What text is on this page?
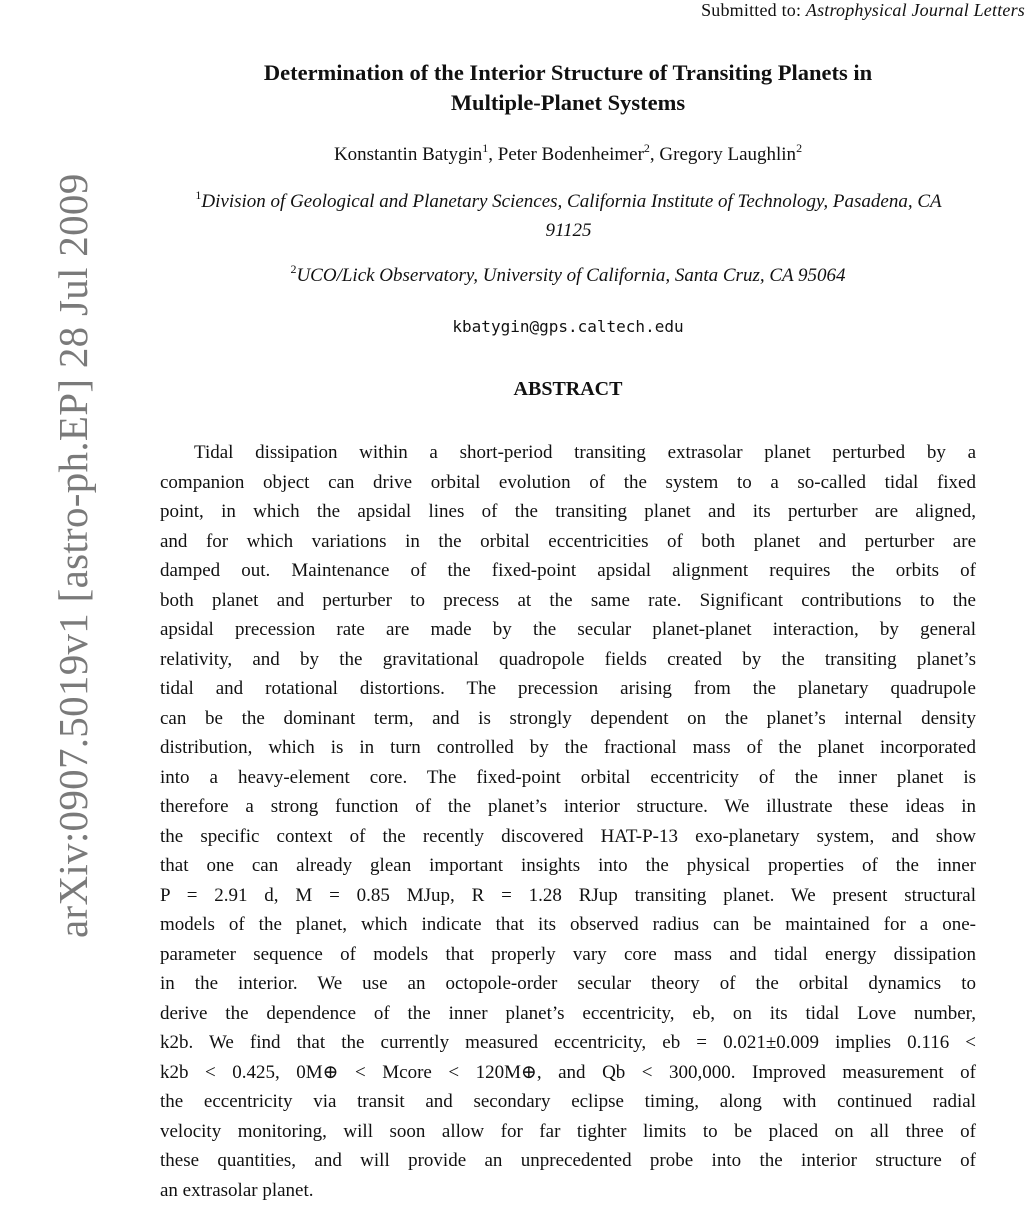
Submitted to: Astrophysical Journal Letters
arXiv:0907.5019v1 [astro-ph.EP] 28 Jul 2009
Determination of the Interior Structure of Transiting Planets in
Multiple-Planet Systems
Konstantin Batygin$^1$, Peter Bodenheimer$^2$, Gregory Laughlin$^2$
$^1$Division of Geological and Planetary Sciences, California Institute of Technology, Pasadena, CA
91125
$^2$UCO/Lick Observatory, University of California, Santa Cruz, CA 95064
kbatygin@gps.caltech.edu
ABSTRACT
Tidal dissipation within a short-period transiting extrasolar planet perturbed by a
companion object can drive orbital evolution of the system to a so-called tidal fixed
point, in which the apsidal lines of the transiting planet and its perturber are aligned,
and for which variations in the orbital eccentricities of both planet and perturber are
damped out. Maintenance of the fixed-point apsidal alignment requires the orbits of
both planet and perturber to precess at the same rate. Significant contributions to the
apsidal precession rate are made by the secular planet-planet interaction, by general
relativity, and by the gravitational quadropole fields created by the transiting planet’s
tidal and rotational distortions. The precession arising from the planetary quadrupole
can be the dominant term, and is strongly dependent on the planet’s internal density
distribution, which is in turn controlled by the fractional mass of the planet incorporated
into a heavy-element core. The fixed-point orbital eccentricity of the inner planet is
therefore a strong function of the planet’s interior structure. We illustrate these ideas in
the specific context of the recently discovered HAT-P-13 exo-planetary system, and show
that one can already glean important insights into the physical properties of the inner
P = 2.91 d, M = 0.85 MJup, R = 1.28 RJup transiting planet. We present structural
models of the planet, which indicate that its observed radius can be maintained for a one-
parameter sequence of models that properly vary core mass and tidal energy dissipation
in the interior. We use an octopole-order secular theory of the orbital dynamics to
derive the dependence of the inner planet’s eccentricity, eb, on its tidal Love number,
k2b. We find that the currently measured eccentricity, eb = 0.021±0.009 implies 0.116 <
k2b < 0.425, 0M⊕ < Mcore < 120M⊕, and Qb < 300,000. Improved measurement of
the eccentricity via transit and secondary eclipse timing, along with continued radial
velocity monitoring, will soon allow for far tighter limits to be placed on all three of
these quantities, and will provide an unprecedented probe into the interior structure of
an extrasolar planet.
